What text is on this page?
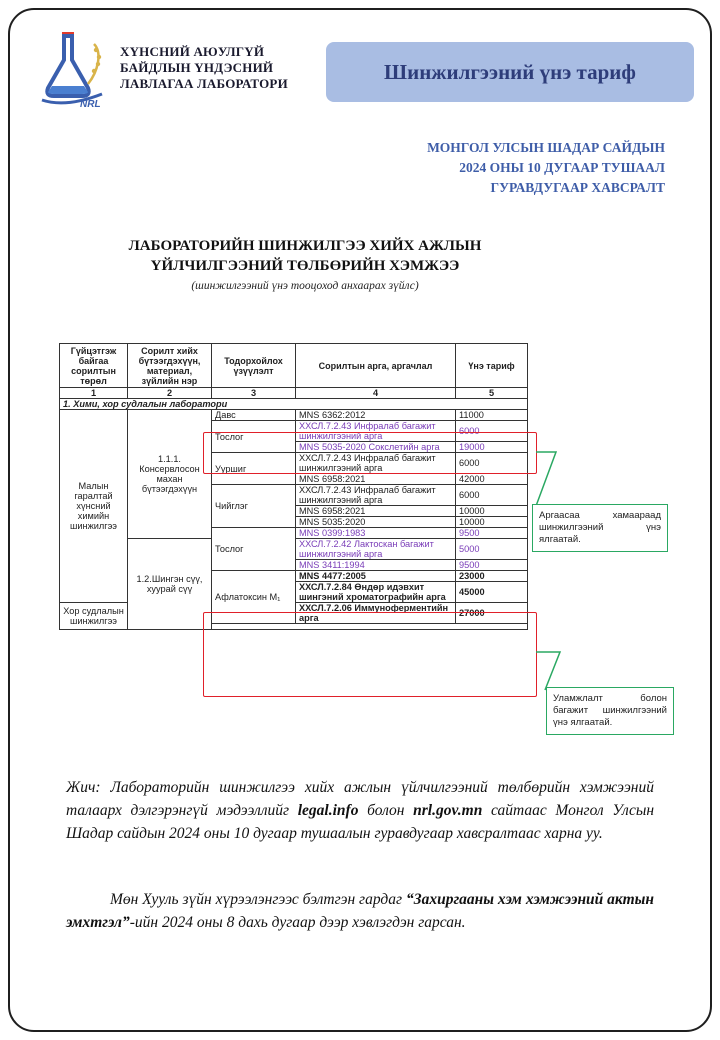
NRL
ХҮНСНИЙ АЮУЛГҮЙ
БАЙДЛЫН ҮНДЭСНИЙ
ЛАВЛАГАА ЛАБОРАТОРИ	Шинжилгээний үнэ тариф
МОНГОЛ УЛСЫН ШАДАР САЙДЫН
2024 ОНЫ 10 ДУГААР ТУШААЛ
ГУРАВДУГААР ХАВСРАЛТ
ЛАБОРАТОРИЙН ШИНЖИЛГЭЭ ХИЙХ АЖЛЫН
ҮЙЛЧИЛГЭЭНИЙ ТӨЛБӨРИЙН ХЭМЖЭЭ
(шинжилгээний үнэ тооцоход анхаарах зүйлс)
Гүйцэтгэж байгаа сорилтын төрөл	Сорилт хийх бүтээгдэхүүн, материал, зүйлийн нэр	Тодорхойлох үзүүлэлт	Сорилтын арга, аргачлал	Үнэ тариф
1	2	3	4	5
1. Хими, хор судлалын лаборатори				
Малын гаралтай хүнсний химийн шинжилгээ	1.1.1. Консервлосон махан бүтээгдэхүүн	Давс	MNS 6362:2012	11000
		Тослог	ХХСЛ.7.2.43 Инфралаб багажит шинжилгээний арга	6000
			MNS 5035-2020 Сокслетийн арга	19000
		Ууршиг	ХХСЛ.7.2.43 Инфралаб багажит шинжилгээний арга	6000
			MNS 6958:2021	42000
		Чийглэг	ХХСЛ.7.2.43 Инфралаб багажит шинжилгээний арга	6000
			MNS 6958:2021	10000
			MNS 5035:2020	10000
		Тослог	MNS 0399:1983	9500
	1.2.Шингэн сүү, хуурай сүү		ХХСЛ.7.2.42 Лактоскан багажит шинжилгээний арга	5000
			MNS 3411:1994	9500
		Афлатоксин М₁	MNS 4477:2005	23000
			ХХСЛ.7.2.84 Өндөр идэвхит шингэний хроматографийн арга	45000
Хор судлалын шинжилгээ			ХХСЛ.7.2.06 Иммуноферментийн арга	27000

Аргаасаа хамаараад шинжилгээний үнэ ялгаатай.
Уламжлалт болон багажит шинжилгээний үнэ ялгаатай.
Жич: Лабораторийн шинжилгээ хийх ажлын үйлчилгээний төлбөрийн хэмжээний талаарх дэлгэрэнгүй мэдээллийг legal.info болон nrl.gov.mn сайтаас Монгол Улсын Шадар сайдын 2024 оны 10 дугаар тушаалын гуравдугаар хавсралтаас харна уу.
Мөн Хууль зүйн хүрээлэнгээс бэлтгэн гардаг “Захиргааны хэм хэмжээний актын эмхтгэл”-ийн 2024 оны 8 дахь дугаар дээр хэвлэгдэн гарсан.
